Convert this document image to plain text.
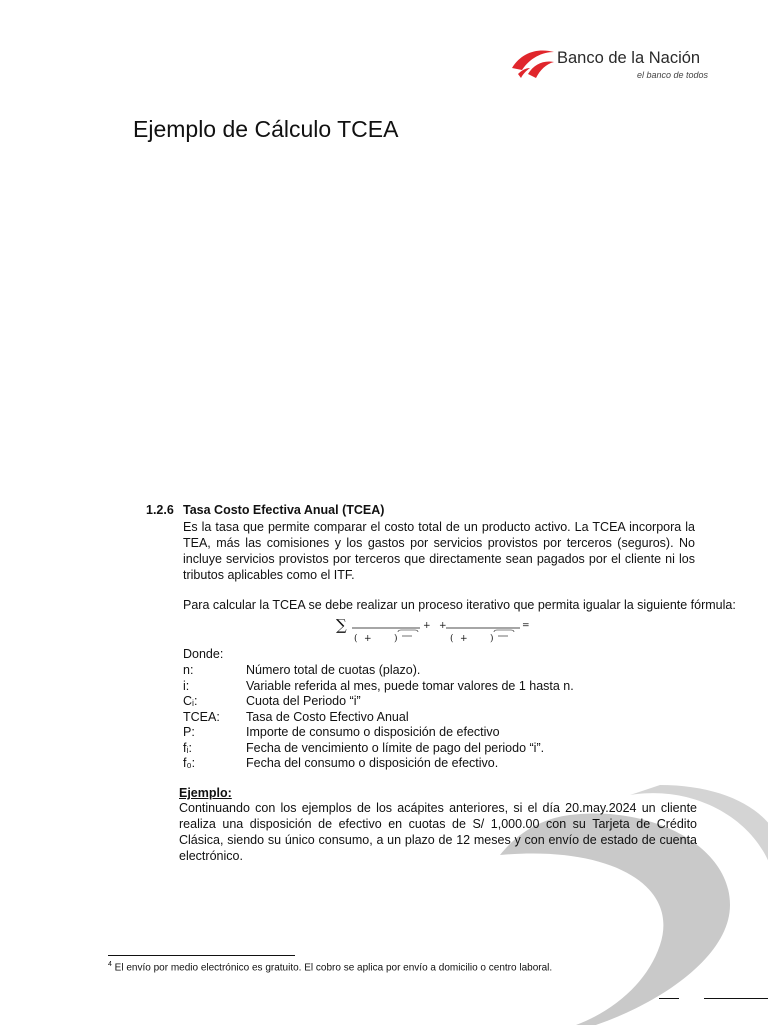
Banco de la Nación
el banco de todos
Ejemplo de Cálculo TCEA
1.2.6 Tasa Costo Efectiva Anual (TCEA)
Es la tasa que permite comparar el costo total de un producto activo. La TCEA incorpora la TEA, más las comisiones y los gastos por servicios provistos por terceros (seguros). No incluye servicios provistos por terceros que directamente sean pagados por el cliente ni los tributos aplicables como el ITF.
Para calcular la TCEA se debe realizar un proceso iterativo que permita igualar la siguiente fórmula:
∑
( + )
+ +
( + )
=
Donde:
n:	Número total de cuotas (plazo).
i:	Variable referida al mes, puede tomar valores de 1 hasta n.
Cᵢ:	Cuota del Periodo “i”
TCEA:	Tasa de Costo Efectivo Anual
P:	Importe de consumo o disposición de efectivo
fᵢ:	Fecha de vencimiento o límite de pago del periodo “i”.
f₀:	Fecha del consumo o disposición de efectivo.
Ejemplo:
Continuando con los ejemplos de los acápites anteriores, si el día 20.may.2024 un cliente realiza una disposición de efectivo en cuotas de S/ 1,000.00 con su Tarjeta de Crédito Clásica, siendo su único consumo, a un plazo de 12 meses y con envío de estado de cuenta electrónico.
$^4$ El envío por medio electrónico es gratuito. El cobro se aplica por envío a domicilio o centro laboral.
